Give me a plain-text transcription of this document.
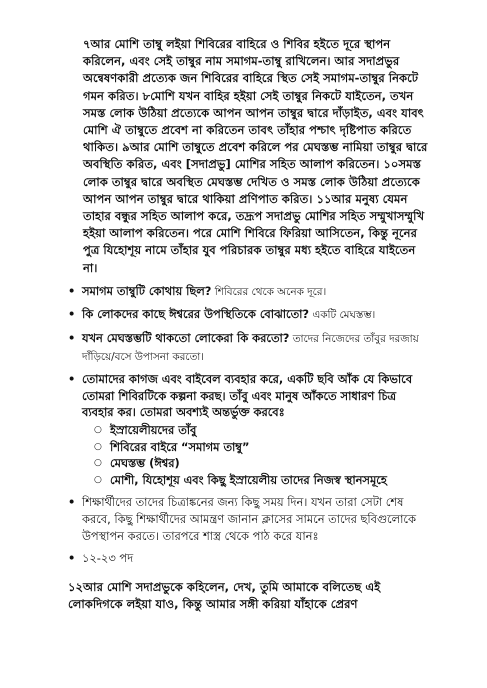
৭আর মোশি তাম্বু লইয়া শিবিরের বাহিরে ও শিবির হইতে দূরে স্থাপন করিলেন, এবং সেই তাম্বুর নাম সমাগম-তাম্বু রাখিলেন। আর সদাপ্রভুর অন্বেষণকারী প্রত্যেক জন শিবিরের বাহিরে স্থিত সেই সমাগম-তাম্বুর নিকটে গমন করিত। ৮মোশি যখন বাহির হইয়া সেই তাম্বুর নিকটে যাইতেন, তখন সমস্ত লোক উঠিয়া প্রত্যেকে আপন আপন তাম্বুর দ্বারে দাঁড়াইত, এবং যাবৎ মোশি ঐ তাম্বুতে প্রবেশ না করিতেন তাবৎ তাঁহার পশ্চাৎ দৃষ্টিপাত করিতে থাকিত। ৯আর মোশি তাম্বুতে প্রবেশ করিলে পর মেঘস্তম্ভ নামিয়া তাম্বুর দ্বারে অবস্থিতি করিত, এবং [সদাপ্রভু] মোশির সহিত আলাপ করিতেন। ১০সমস্ত লোক তাম্বুর দ্বারে অবস্থিত মেঘস্তম্ভ দেখিত ও সমস্ত লোক উঠিয়া প্রত্যেকে আপন আপন তাম্বুর দ্বারে থাকিয়া প্রণিপাত করিত। ১১আর মনুষ্য যেমন তাহার বন্ধুর সহিত আলাপ করে, তদ্রূপ সদাপ্রভু মোশির সহিত সম্মুখাসম্মুখি হইয়া আলাপ করিতেন। পরে মোশি শিবিরে ফিরিয়া আসিতেন, কিন্তু নূনের পুত্র যিহোশূয় নামে তাঁহার যুব পরিচারক তাম্বুর মধ্য হইতে বাহিরে যাইতেন না।

• সমাগম তাম্বুটি কোথায় ছিল? শিবিরের থেকে অনেক দূরে।
• কি লোকদের কাছে ঈশ্বরের উপস্থিতিকে বোঝাতো? একটি মেঘস্তম্ভ।
• যখন মেঘস্তম্ভটি থাকতো লোকেরা কি করতো? তাদের নিজেদের তাঁবুর দরজায় দাঁড়িয়ে/বসে উপাসনা করতো।
• তোমাদের কাগজ এবং বাইবেল ব্যবহার করে, একটি ছবি আঁক যে কিভাবে তোমরা শিবিরটিকে কল্পনা করছ। তাঁবু এবং মানুষ আঁকতে সাধারণ চিত্র ব্যবহার কর। তোমরা অবশ্যই অন্তর্ভুক্ত করবেঃ
○ ইস্রায়েলীয়দের তাঁবু
○ শিবিরের বাইরে “সমাগম তাম্বু”
○ মেঘস্তম্ভ (ঈশ্বর)
○ মোশী, যিহোশূয় এবং কিছু ইস্রায়েলীয় তাদের নিজস্ব স্থানসমূহে
• শিক্ষার্থীদের তাদের চিত্রাঙ্কনের জন্য কিছু সময় দিন। যখন তারা সেটা শেষ করবে, কিছু শিক্ষার্থীদের আমন্ত্রণ জানান ক্লাসের সামনে তাদের ছবিগুলোকে উপস্থাপন করতে। তারপরে শাস্ত্র থেকে পাঠ করে যানঃ
• ১২-২৩ পদ

১২আর মোশি সদাপ্রভুকে কহিলেন, দেখ, তুমি আমাকে বলিতেছ এই লোকদিগকে লইয়া যাও, কিন্তু আমার সঙ্গী করিয়া যাঁহাকে প্রেরণ
